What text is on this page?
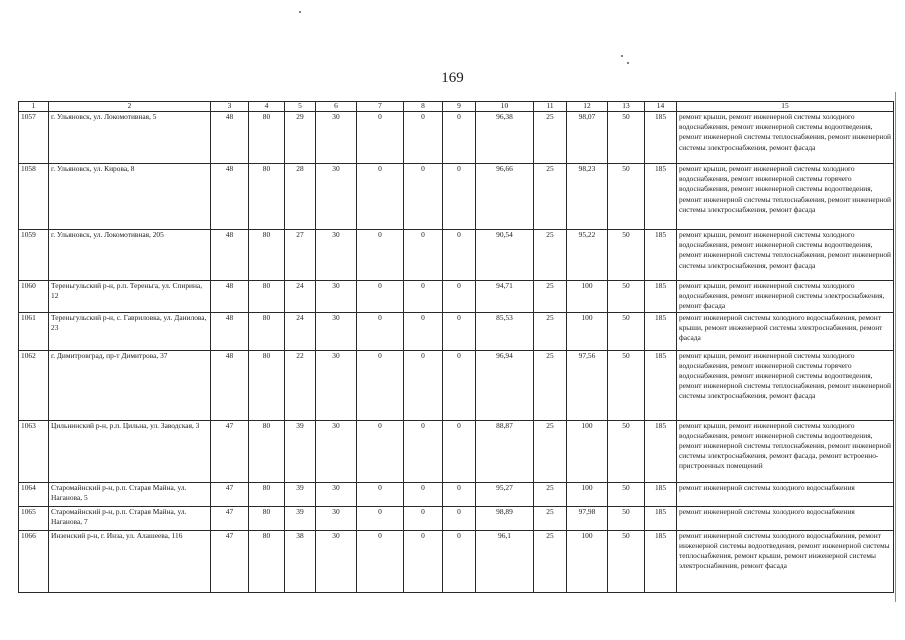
169
1	2	3	4	5	6	7	8	9	10	11	12	13	14	15
1057	г. Ульяновск, ул. Локомотивная, 5	48	80	29	30	0	0	0	96,38	25	98,07	50	185	ремонт крыши, ремонт инженерной системы холодного водоснабжения, ремонт инженерной системы водоотведения, ремонт инженерной системы теплоснабжения, ремонт инженерной системы электроснабжения, ремонт фасада
1058	г. Ульяновск, ул. Кирова, 8	48	80	28	30	0	0	0	96,66	25	98,23	50	185	ремонт крыши, ремонт инженерной системы холодного водоснабжения, ремонт инженерной системы горячего водоснабжения, ремонт инженерной системы водоотведения, ремонт инженерной системы теплоснабжения, ремонт инженерной системы электроснабжения, ремонт фасада
1059	г. Ульяновск, ул. Локомотивная, 205	48	80	27	30	0	0	0	90,54	25	95,22	50	185	ремонт крыши, ремонт инженерной системы холодного водоснабжения, ремонт инженерной системы водоотведения, ремонт инженерной системы теплоснабжения, ремонт инженерной системы электроснабжения, ремонт фасада
1060	Тереньгульский р-н, р.п. Тереньга, ул. Спирина, 12	48	80	24	30	0	0	0	94,71	25	100	50	185	ремонт крыши, ремонт инженерной системы холодного водоснабжения, ремонт инженерной системы электроснабжения, ремонт фасада
1061	Тереньгульский р-н, с. Гавриловка, ул. Данилова, 23	48	80	24	30	0	0	0	85,53	25	100	50	185	ремонт инженерной системы холодного водоснабжения, ремонт крыши, ремонт инженерной системы электроснабжения, ремонт фасада
1062	г. Димитровград, пр-т Димитрова, 37	48	80	22	30	0	0	0	96,94	25	97,56	50	185	ремонт крыши, ремонт инженерной системы холодного водоснабжения, ремонт инженерной системы горячего водоснабжения, ремонт инженерной системы водоотведения, ремонт инженерной системы теплоснабжения, ремонт инженерной системы электроснабжения, ремонт фасада
1063	Цильнинский р-н, р.п. Цильна, ул. Заводская, 3	47	80	39	30	0	0	0	88,87	25	100	50	185	ремонт крыши, ремонт инженерной системы холодного водоснабжения, ремонт инженерной системы водоотведения, ремонт инженерной системы теплоснабжения, ремонт инженерной системы электроснабжения, ремонт фасада, ремонт встроенно-пристроенных помещений
1064	Старомайнский р-н, р.п. Старая Майна, ул. Наганова, 5	47	80	39	30	0	0	0	95,27	25	100	50	185	ремонт инженерной системы холодного водоснабжения
1065	Старомайнский р-н, р.п. Старая Майна, ул. Наганова, 7	47	80	39	30	0	0	0	98,89	25	97,98	50	185	ремонт инженерной системы холодного водоснабжения
1066	Инзенский р-н, г. Инза, ул. Алашеева, 116	47	80	38	30	0	0	0	96,1	25	100	50	185	ремонт инженерной системы холодного водоснабжения, ремонт инженерной системы водоотведения, ремонт инженерной системы теплоснабжения, ремонт крыши, ремонт инженерной системы электроснабжения, ремонт фасада
